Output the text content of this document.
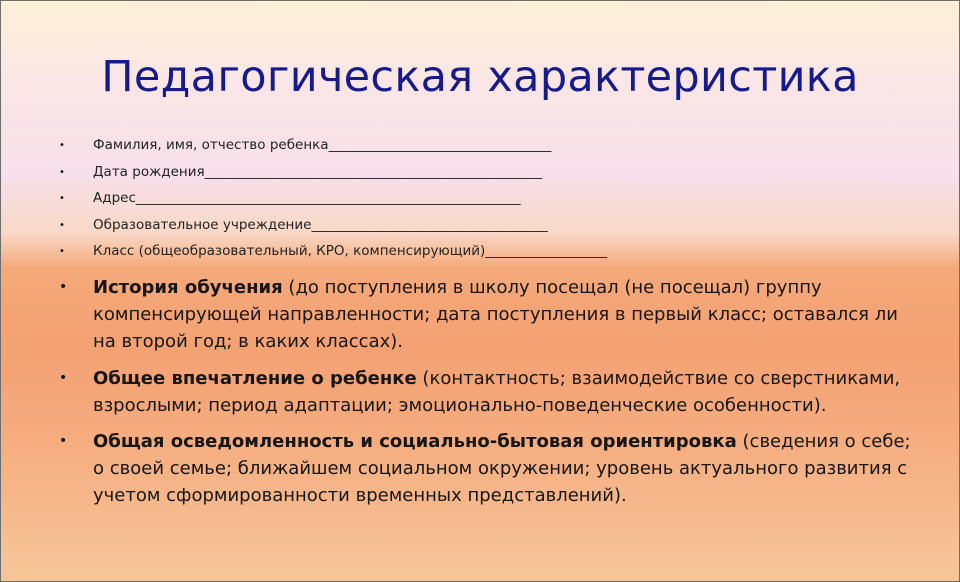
Педагогическая характеристика
• Фамилия, имя, отчество ребенка_________________________________
• Дата рождения__________________________________________________
• Адрес_________________________________________________________
• Образовательное учреждение___________________________________
• Класс (общеобразовательный, КРО, компенсирующий)__________________
• История обучения (до поступления в школу посещал (не посещал) группу компенсирующей направленности; дата поступления в первый класс; оставался ли на второй год; в каких классах).
• Общее впечатление о ребенке (контактность; взаимодействие со сверстниками, взрослыми; период адаптации; эмоционально-поведенческие особенности).
• Общая осведомленность и социально-бытовая ориентировка (сведения о себе; о своей семье; ближайшем социальном окружении; уровень актуального развития с учетом сформированности временных представлений).
